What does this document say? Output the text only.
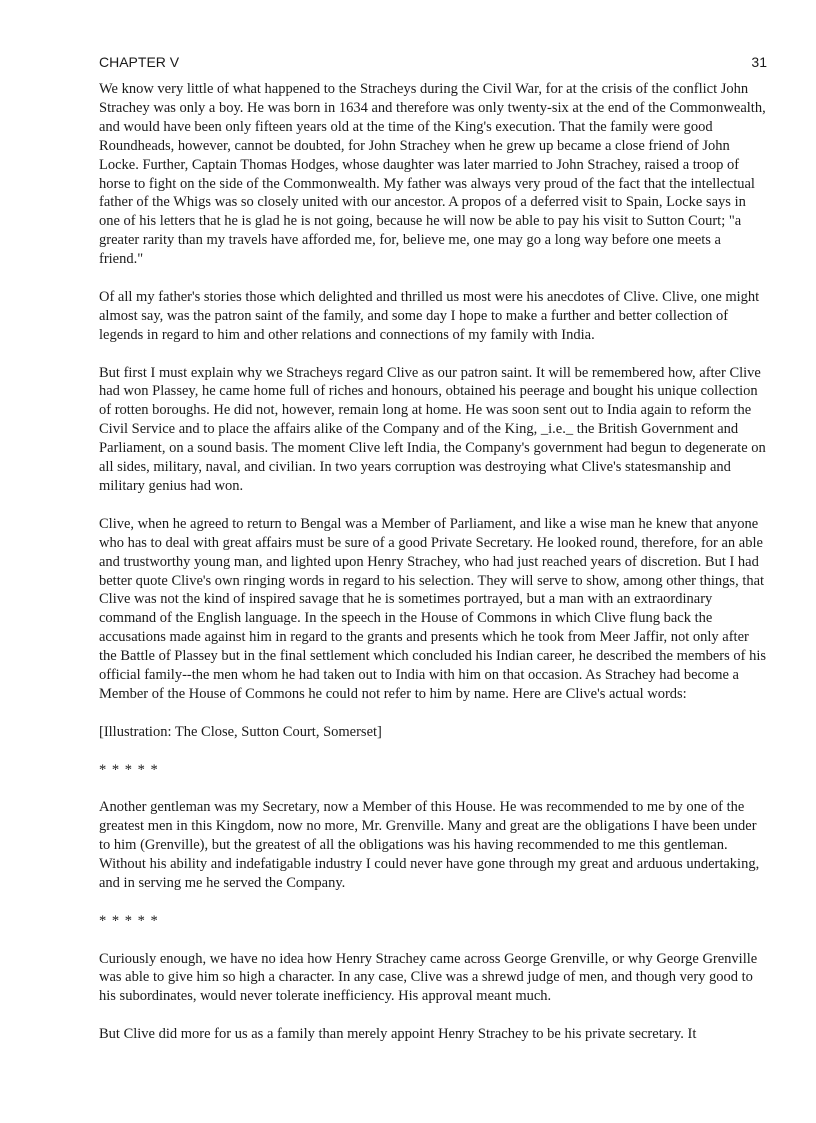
CHAPTER V	31

We know very little of what happened to the Stracheys during the Civil War, for at the crisis of the conflict John Strachey was only a boy. He was born in 1634 and therefore was only twenty-six at the end of the Commonwealth, and would have been only fifteen years old at the time of the King's execution. That the family were good Roundheads, however, cannot be doubted, for John Strachey when he grew up became a close friend of John Locke. Further, Captain Thomas Hodges, whose daughter was later married to John Strachey, raised a troop of horse to fight on the side of the Commonwealth. My father was always very proud of the fact that the intellectual father of the Whigs was so closely united with our ancestor. A propos of a deferred visit to Spain, Locke says in one of his letters that he is glad he is not going, because he will now be able to pay his visit to Sutton Court; "a greater rarity than my travels have afforded me, for, believe me, one may go a long way before one meets a friend."

Of all my father's stories those which delighted and thrilled us most were his anecdotes of Clive. Clive, one might almost say, was the patron saint of the family, and some day I hope to make a further and better collection of legends in regard to him and other relations and connections of my family with India.

But first I must explain why we Stracheys regard Clive as our patron saint. It will be remembered how, after Clive had won Plassey, he came home full of riches and honours, obtained his peerage and bought his unique collection of rotten boroughs. He did not, however, remain long at home. He was soon sent out to India again to reform the Civil Service and to place the affairs alike of the Company and of the King, _i.e._ the British Government and Parliament, on a sound basis. The moment Clive left India, the Company's government had begun to degenerate on all sides, military, naval, and civilian. In two years corruption was destroying what Clive's statesmanship and military genius had won.

Clive, when he agreed to return to Bengal was a Member of Parliament, and like a wise man he knew that anyone who has to deal with great affairs must be sure of a good Private Secretary. He looked round, therefore, for an able and trustworthy young man, and lighted upon Henry Strachey, who had just reached years of discretion. But I had better quote Clive's own ringing words in regard to his selection. They will serve to show, among other things, that Clive was not the kind of inspired savage that he is sometimes portrayed, but a man with an extraordinary command of the English language. In the speech in the House of Commons in which Clive flung back the accusations made against him in regard to the grants and presents which he took from Meer Jaffir, not only after the Battle of Plassey but in the final settlement which concluded his Indian career, he described the members of his official family--the men whom he had taken out to India with him on that occasion. As Strachey had become a Member of the House of Commons he could not refer to him by name. Here are Clive's actual words:

[Illustration: The Close, Sutton Court, Somerset]

* * * * *

Another gentleman was my Secretary, now a Member of this House. He was recommended to me by one of the greatest men in this Kingdom, now no more, Mr. Grenville. Many and great are the obligations I have been under to him (Grenville), but the greatest of all the obligations was his having recommended to me this gentleman. Without his ability and indefatigable industry I could never have gone through my great and arduous undertaking, and in serving me he served the Company.

* * * * *

Curiously enough, we have no idea how Henry Strachey came across George Grenville, or why George Grenville was able to give him so high a character. In any case, Clive was a shrewd judge of men, and though very good to his subordinates, would never tolerate inefficiency. His approval meant much.

But Clive did more for us as a family than merely appoint Henry Strachey to be his private secretary. It
